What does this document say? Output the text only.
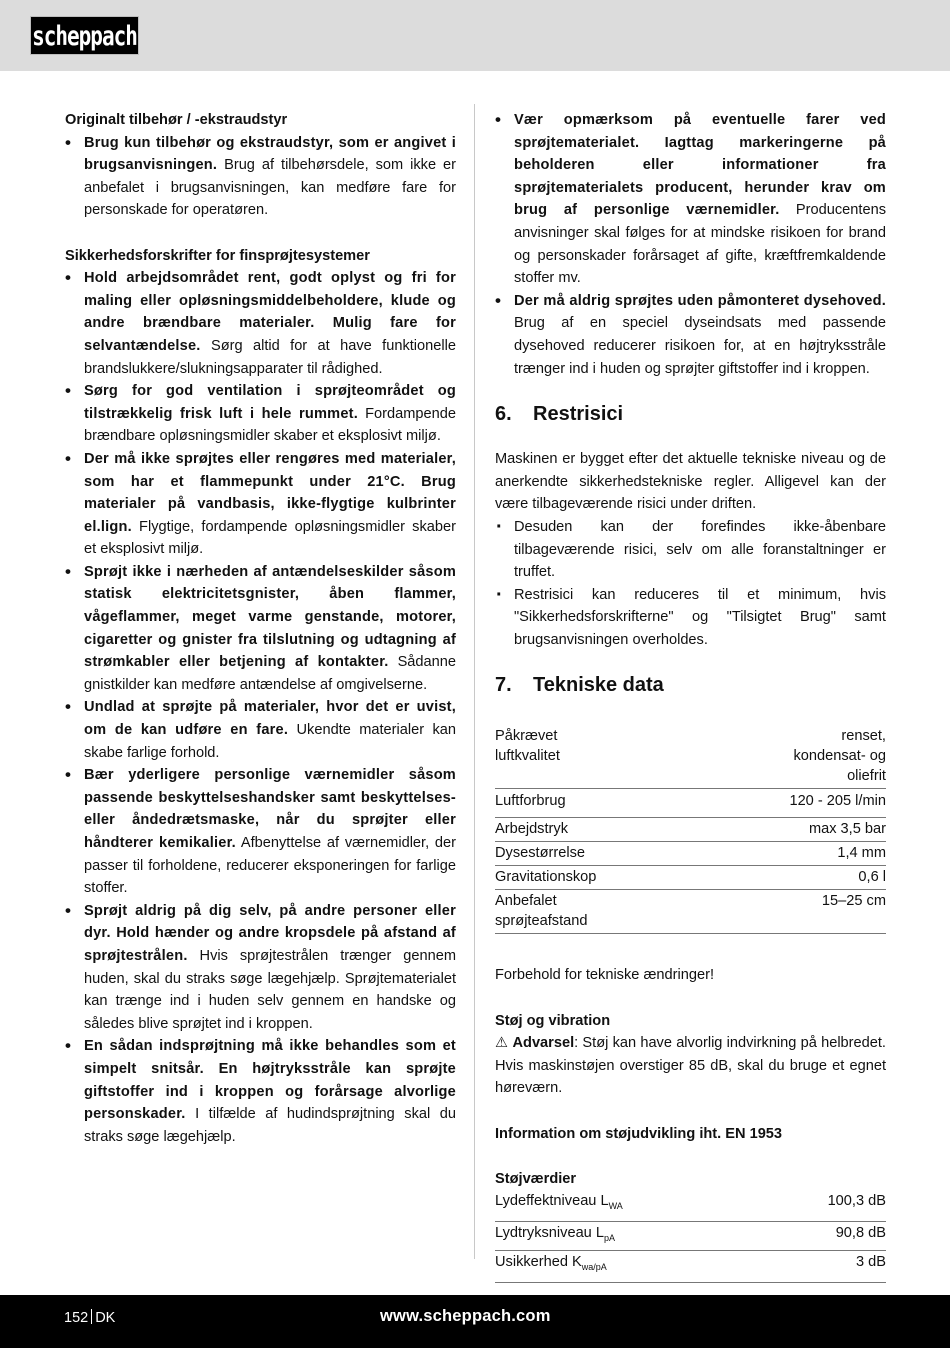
scheppach
Originalt tilbehør / -ekstraudstyr
• Brug kun tilbehør og ekstraudstyr, som er angivet i brugsanvisningen. Brug af tilbehørsdele, som ikke er anbefalet i brugsanvisningen, kan medføre fare for personskade for operatøren.
Sikkerhedsforskrifter for finsprøjtesystemer
• Hold arbejdsområdet rent, godt oplyst og fri for maling eller opløsningsmiddelbeholdere, klude og andre brændbare materialer. Mulig fare for selvantændelse. Sørg altid for at have funktionelle brandslukkere/slukningsapparater til rådighed.
• Sørg for god ventilation i sprøjteområdet og tilstrækkelig frisk luft i hele rummet. Fordampende brændbare opløsningsmidler skaber et eksplosivt miljø.
• Der må ikke sprøjtes eller rengøres med materialer, som har et flammepunkt under 21°C. Brug materialer på vandbasis, ikke-flygtige kulbrinter el.lign. Flygtige, fordampende opløsningsmidler skaber et eksplosivt miljø.
• Sprøjt ikke i nærheden af antændelseskilder såsom statisk elektricitetsgnister, åben flammer, vågeflammer, meget varme genstande, motorer, cigaretter og gnister fra tilslutning og udtagning af strømkabler eller betjening af kontakter. Sådanne gnistkilder kan medføre antændelse af omgivelserne.
• Undlad at sprøjte på materialer, hvor det er uvist, om de kan udføre en fare. Ukendte materialer kan skabe farlige forhold.
• Bær yderligere personlige værnemidler såsom passende beskyttelseshandsker samt beskyttelses- eller åndedrætsmaske, når du sprøjter eller håndterer kemikalier. Afbenyttelse af værnemidler, der passer til forholdene, reducerer eksponeringen for farlige stoffer.
• Sprøjt aldrig på dig selv, på andre personer eller dyr. Hold hænder og andre kropsdele på afstand af sprøjtestrålen. Hvis sprøjtestrålen trænger gennem huden, skal du straks søge lægehjælp. Sprøjtematerialet kan trænge ind i huden selv gennem en handske og således blive sprøjtet ind i kroppen.
• En sådan indsprøjtning må ikke behandles som et simpelt snitsår. En højtryksstråle kan sprøjte giftstoffer ind i kroppen og forårsage alvorlige personskader. I tilfælde af hudindsprøjtning skal du straks søge lægehjælp.
• Vær opmærksom på eventuelle farer ved sprøjtematerialet. Iagttag markeringerne på beholderen eller informationer fra sprøjtematerialets producent, herunder krav om brug af personlige værnemidler. Producentens anvisninger skal følges for at mindske risikoen for brand og personskader forårsaget af gifte, kræftfremkaldende stoffer mv.
• Der må aldrig sprøjtes uden påmonteret dysehoved. Brug af en speciel dyseindsats med passende dysehoved reducerer risikoen for, at en højtryksstråle trænger ind i huden og sprøjter giftstoffer ind i kroppen.
6.	Restrisici
Maskinen er bygget efter det aktuelle tekniske niveau og de anerkendte sikkerhedstekniske regler. Alligevel kan der være tilbageværende risici under driften.
· Desuden kan der forefindes ikke-åbenbare tilbageværende risici, selv om alle foranstaltninger er truffet.
· Restrisici kan reduceres til et minimum, hvis "Sikkerhedsforskrifterne" og "Tilsigtet Brug" samt brugsanvisningen overholdes.
7.	Tekniske data
Påkrævet luftkvalitet	renset, kondensat- og oliefrit
Luftforbrug	120 - 205 l/min
Arbejdstryk	max 3,5 bar
Dysestørrelse	1,4 mm
Gravitationskop	0,6 l
Anbefalet sprøjteafstand	15–25 cm
Forbehold for tekniske ændringer!
Støj og vibration
⚠ Advarsel: Støj kan have alvorlig indvirkning på helbredet. Hvis maskinstøjen overstiger 85 dB, skal du bruge et egnet høreværn.
Information om støjudvikling iht. EN 1953
Støjværdier
Lydeffektniveau $L_{WA}$	100,3 dB
Lydtryksniveau $L_{pA}$	90,8 dB
Usikkerhed $K_{wa/pA}$	3 dB
152 DK	www.scheppach.com
